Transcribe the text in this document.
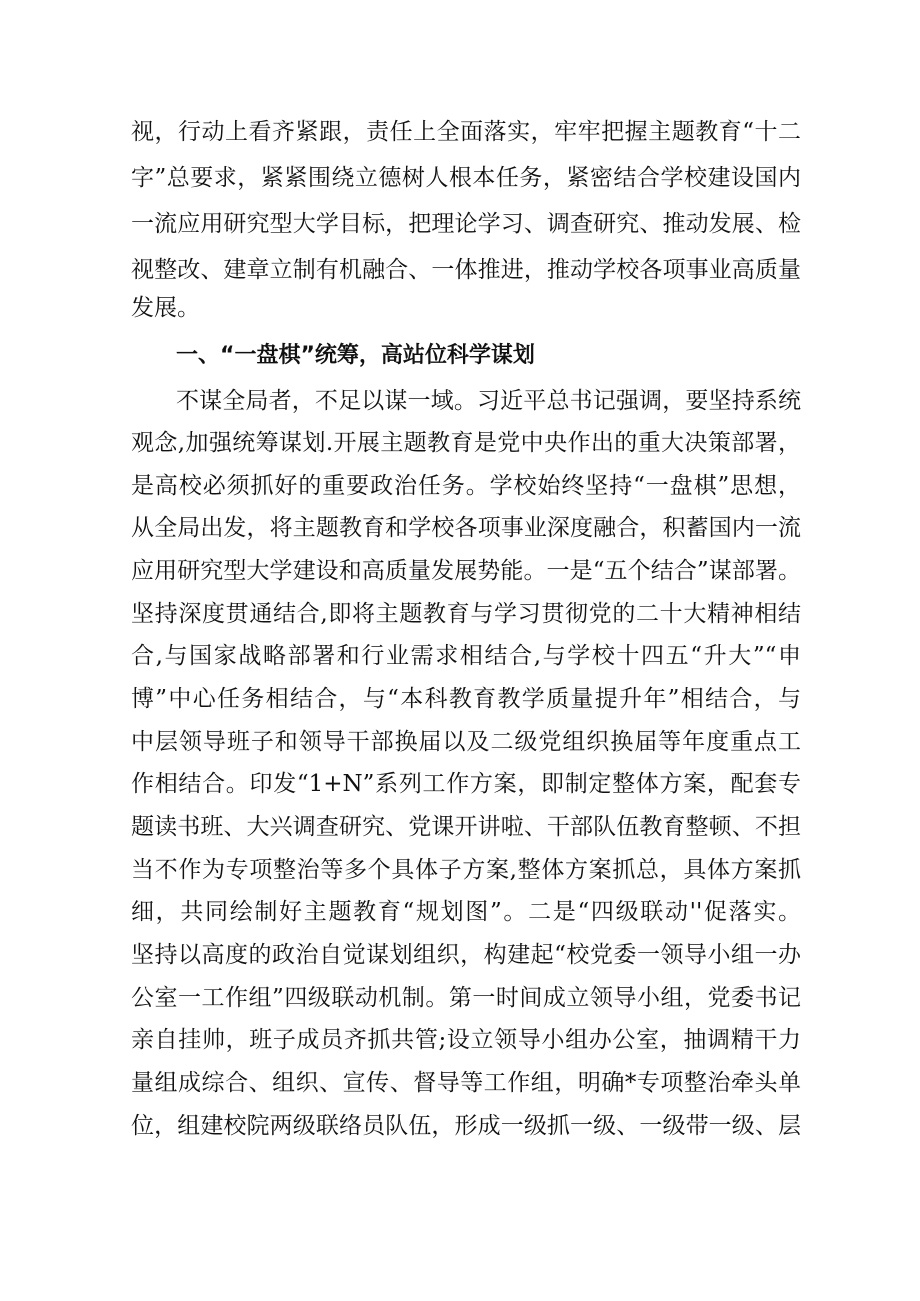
视，行动上看齐紧跟，责任上全面落实，牢牢把握主题教育“十二
字”总要求，紧紧围绕立德树人根本任务，紧密结合学校建设国内
一流应用研究型大学目标，把理论学习、调查研究、推动发展、检
视整改、建章立制有机融合、一体推进，推动学校各项事业高质量
发展。
一、“一盘棋”统筹，高站位科学谋划
不谋全局者，不足以谋一域。习近平总书记强调，要坚持系统
观念,加强统筹谋划.开展主题教育是党中央作出的重大决策部署，
是高校必须抓好的重要政治任务。学校始终坚持“一盘棋”思想，
从全局出发，将主题教育和学校各项事业深度融合，积蓄国内一流
应用研究型大学建设和高质量发展势能。一是“五个结合”谋部署。
坚持深度贯通结合,即将主题教育与学习贯彻党的二十大精神相结
合,与国家战略部署和行业需求相结合,与学校十四五“升大”“申
博”中心任务相结合，与“本科教育教学质量提升年”相结合，与
中层领导班子和领导干部换届以及二级党组织换届等年度重点工
作相结合。印发“1+N”系列工作方案，即制定整体方案，配套专
题读书班、大兴调查研究、党课开讲啦、干部队伍教育整顿、不担
当不作为专项整治等多个具体子方案,整体方案抓总，具体方案抓
细，共同绘制好主题教育“规划图”。二是“四级联动''促落实。
坚持以高度的政治自觉谋划组织，构建起“校党委一领导小组一办
公室一工作组”四级联动机制。第一时间成立领导小组，党委书记
亲自挂帅，班子成员齐抓共管;设立领导小组办公室，抽调精干力
量组成综合、组织、宣传、督导等工作组，明确*专项整治牵头单
位，组建校院两级联络员队伍，形成一级抓一级、一级带一级、层
